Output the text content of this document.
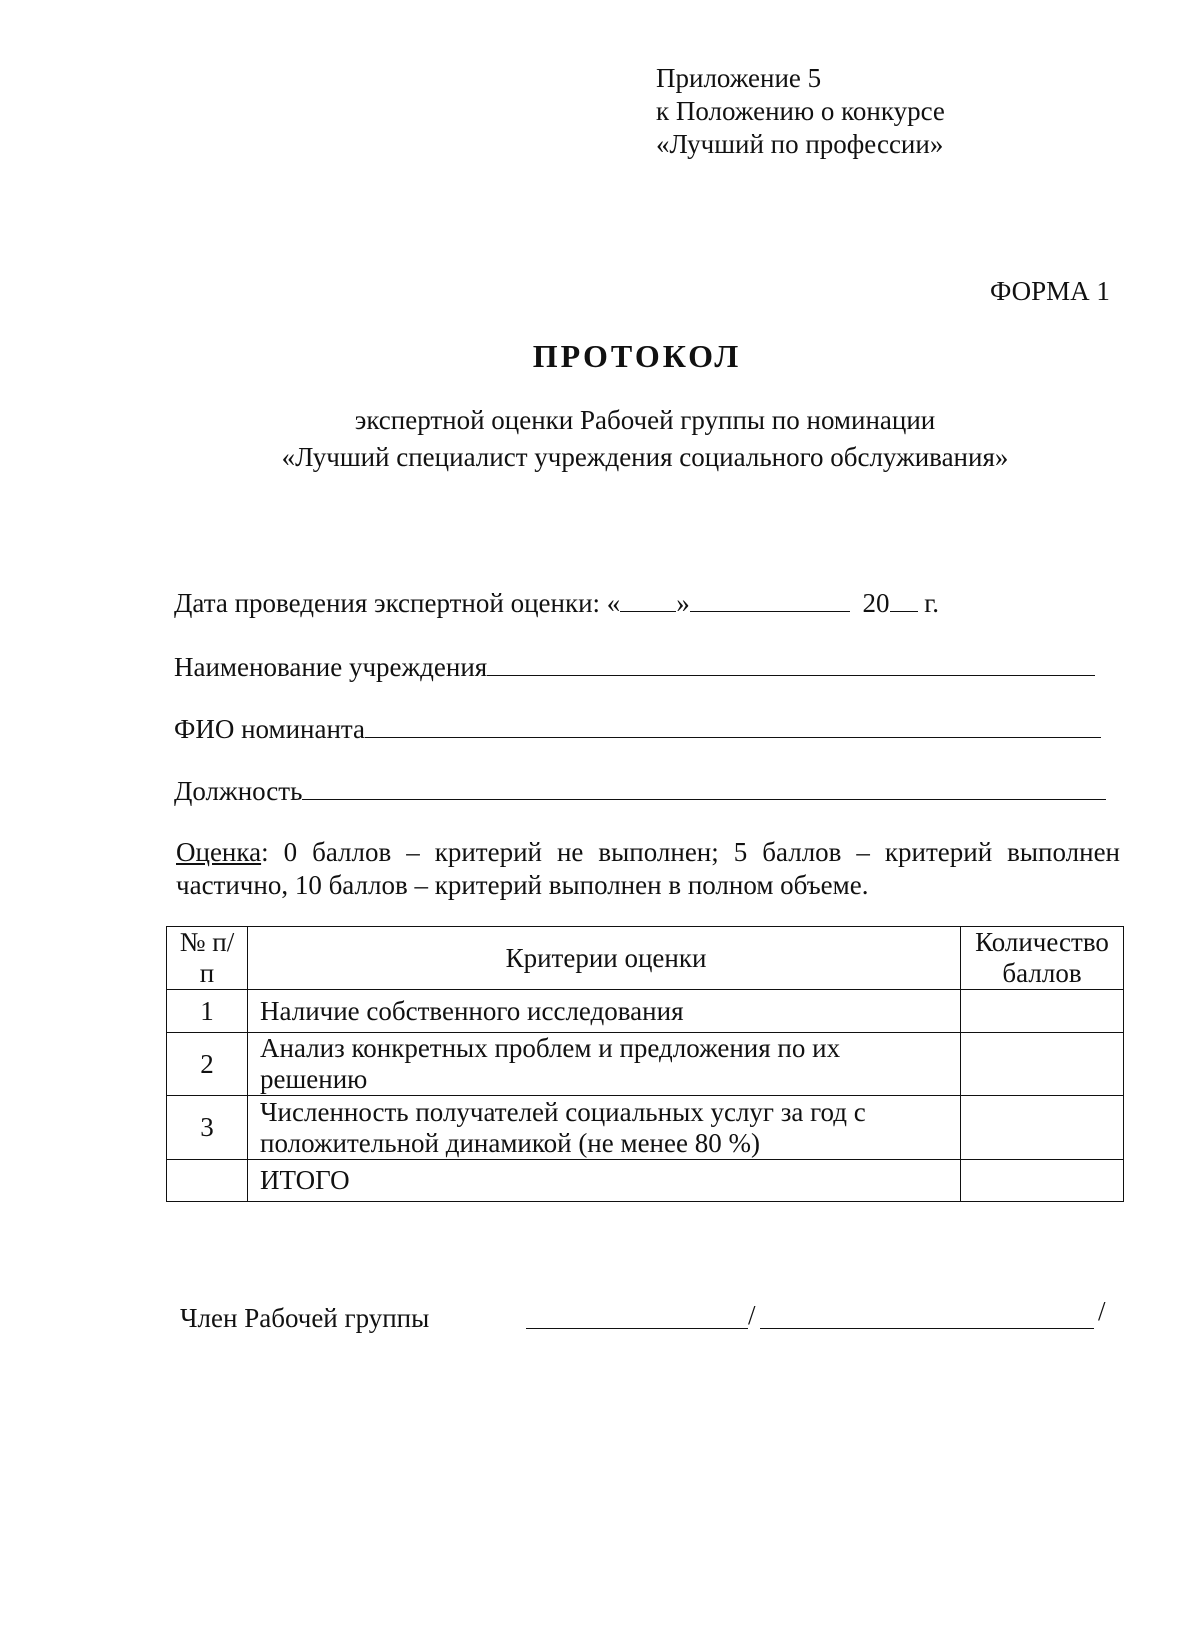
Приложение 5
к Положению о конкурсе
«Лучший по профессии»
ФОРМА 1
ПРОТОКОЛ
экспертной оценки Рабочей группы по номинации
«Лучший специалист учреждения социального обслуживания»
Дата проведения экспертной оценки: « »	20 г.
Наименование учреждения
ФИО номинанта
Должность
Оценка: 0 баллов – критерий не выполнен; 5 баллов – критерий выполнен частично, 10 баллов – критерий выполнен в полном объеме.
№ п/п	Критерии оценки	Количество баллов
1	Наличие собственного исследования	
2	Анализ конкретных проблем и предложения по их решению	
3	Численность получателей социальных услуг за год с положительной динамикой (не менее 80 %)	
	ИТОГО	
Член Рабочей группы	/	/
